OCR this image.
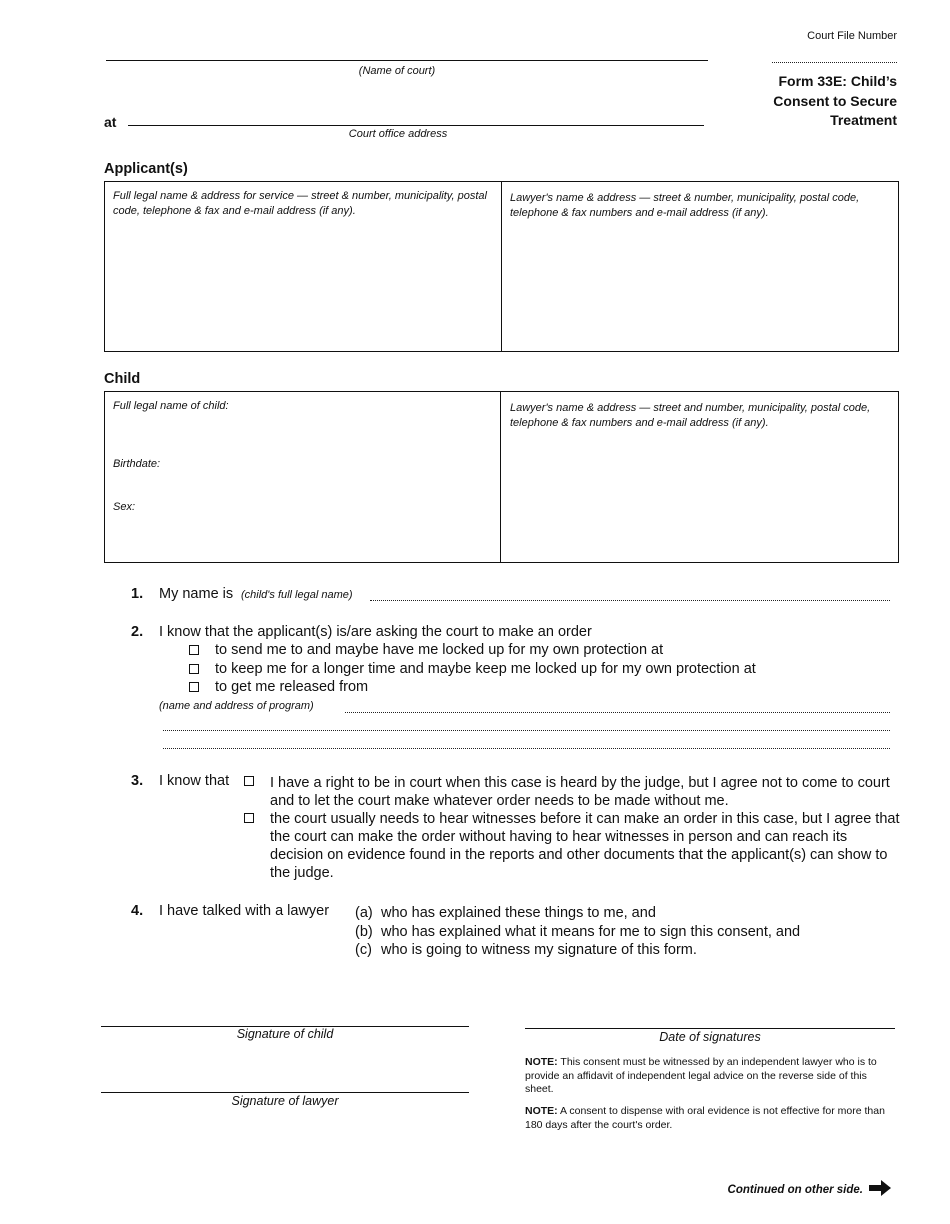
Court File Number
(Name of court)
at
Court office address
Form 33E: Child’s
Consent to Secure
Treatment
Applicant(s)
Full legal name & address for service — street & number, municipality, postal code, telephone & fax and e-mail address (if any).
Lawyer's name & address — street & number, municipality, postal code, telephone & fax numbers and e-mail address (if any).
Child
Full legal name of child:
Birthdate:
Sex:
Lawyer's name & address — street and number, municipality, postal code, telephone & fax numbers and e-mail address (if any).
1. My name is (child's full legal name)
2. I know that the applicant(s) is/are asking the court to make an order
to send me to and maybe have me locked up for my own protection at
to keep me for a longer time and maybe keep me locked up for my own protection at
to get me released from
(name and address of program)
3. I know that	I have a right to be in court when this case is heard by the judge, but I agree not to come to court and to let the court make whatever order needs to be made without me.
the court usually needs to hear witnesses before it can make an order in this case, but I agree that the court can make the order without having to hear witnesses in person and can reach its decision on evidence found in the reports and other documents that the applicant(s) can show to the judge.
4. I have talked with a lawyer (a) who has explained these things to me, and
(b) who has explained what it means for me to sign this consent, and
(c) who is going to witness my signature of this form.
Signature of child
Signature of lawyer
Date of signatures
NOTE: This consent must be witnessed by an independent lawyer who is to provide an affidavit of independent legal advice on the reverse side of this sheet.
NOTE: A consent to dispense with oral evidence is not effective for more than 180 days after the court's order.
Continued on other side.
